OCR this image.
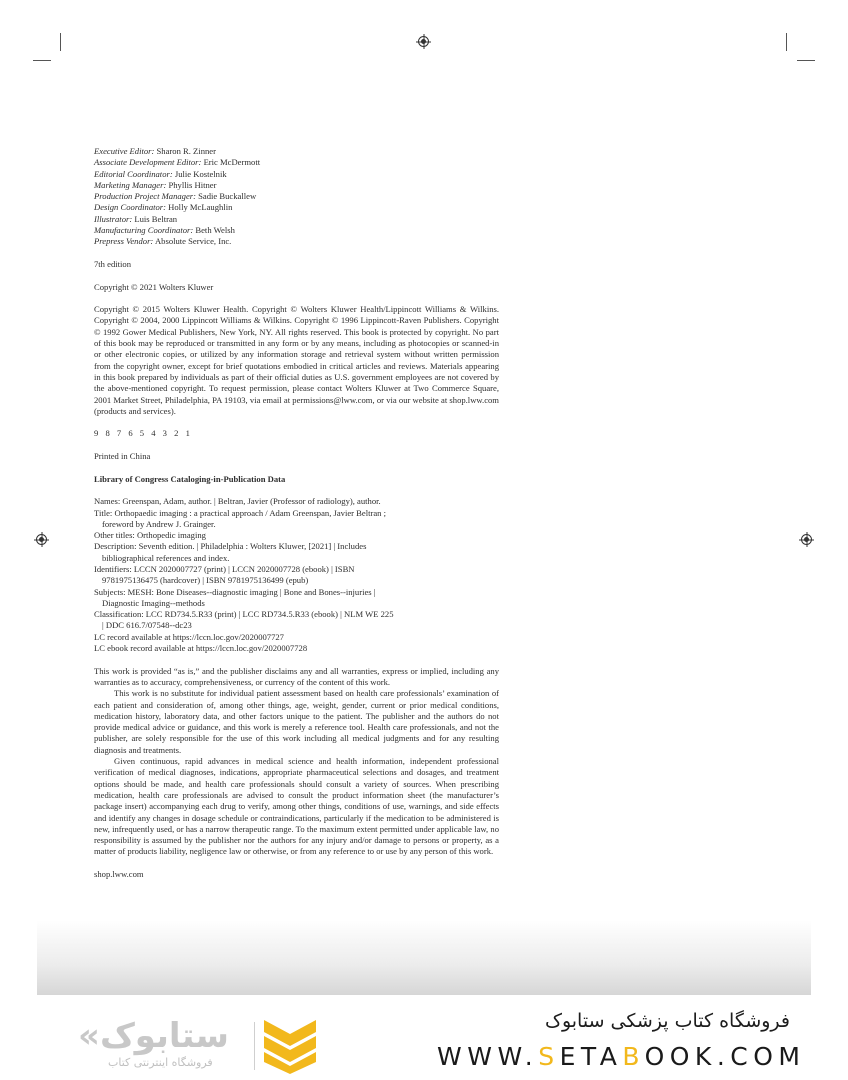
Executive Editor: Sharon R. Zinner
Associate Development Editor: Eric McDermott
Editorial Coordinator: Julie Kostelnik
Marketing Manager: Phyllis Hitner
Production Project Manager: Sadie Buckallew
Design Coordinator: Holly McLaughlin
Illustrator: Luis Beltran
Manufacturing Coordinator: Beth Welsh
Prepress Vendor: Absolute Service, Inc.

7th edition

Copyright © 2021 Wolters Kluwer

Copyright © 2015 Wolters Kluwer Health. Copyright © Wolters Kluwer Health/Lippincott Williams & Wilkins. Copyright © 2004, 2000 Lippincott Williams & Wilkins. Copyright © 1996 Lippincott-Raven Publishers. Copyright © 1992 Gower Medical Publishers, New York, NY. All rights reserved. This book is protected by copyright. No part of this book may be reproduced or transmitted in any form or by any means, including as photocopies or scanned-in or other electronic copies, or utilized by any information storage and retrieval system without written permission from the copyright owner, except for brief quotations embodied in critical articles and reviews. Materials appearing in this book prepared by individuals as part of their official duties as U.S. government employees are not covered by the above-mentioned copyright. To request permission, please contact Wolters Kluwer at Two Commerce Square, 2001 Market Street, Philadelphia, PA 19103, via email at permissions@lww.com, or via our website at shop.lww.com (products and services).

9 8 7 6 5 4 3 2 1

Printed in China

Library of Congress Cataloging-in-Publication Data

Names: Greenspan, Adam, author. | Beltran, Javier (Professor of radiology), author.

Title: Orthopaedic imaging : a practical approach / Adam Greenspan, Javier Beltran ; foreword by Andrew J. Grainger.

Other titles: Orthopedic imaging

Description: Seventh edition. | Philadelphia : Wolters Kluwer, [2021] | Includes bibliographical references and index.

Identifiers: LCCN 2020007727 (print) | LCCN 2020007728 (ebook) | ISBN 9781975136475 (hardcover) | ISBN 9781975136499 (epub)

Subjects: MESH: Bone Diseases--diagnostic imaging | Bone and Bones--injuries | Diagnostic Imaging--methods

Classification: LCC RD734.5.R33 (print) | LCC RD734.5.R33 (ebook) | NLM WE 225 | DDC 616.7/07548--dc23

LC record available at https://lccn.loc.gov/2020007727

LC ebook record available at https://lccn.loc.gov/2020007728

This work is provided “as is,” and the publisher disclaims any and all warranties, express or implied, including any warranties as to accuracy, comprehensiveness, or currency of the content of this work.

This work is no substitute for individual patient assessment based on health care professionals’ examination of each patient and consideration of, among other things, age, weight, gender, current or prior medical conditions, medication history, laboratory data, and other factors unique to the patient. The publisher and the authors do not provide medical advice or guidance, and this work is merely a reference tool. Health care professionals, and not the publisher, are solely responsible for the use of this work including all medical judgments and for any resulting diagnosis and treatments.

Given continuous, rapid advances in medical science and health information, independent professional verification of medical diagnoses, indications, appropriate pharmaceutical selections and dosages, and treatment options should be made, and health care professionals should consult a variety of sources. When prescribing medication, health care professionals are advised to consult the product information sheet (the manufacturer’s package insert) accompanying each drug to verify, among other things, conditions of use, warnings, and side effects and identify any changes in dosage schedule or contraindications, particularly if the medication to be administered is new, infrequently used, or has a narrow therapeutic range. To the maximum extent permitted under applicable law, no responsibility is assumed by the publisher nor the authors for any injury and/or damage to persons or property, as a matter of products liability, negligence law or otherwise, or from any reference to or use by any person of this work.

shop.lww.com

«ستابوک
فروشگاه اینترنتی کتاب
فروشگاه کتاب پزشکی ستابوک
WWW.SETABOOK.COM
